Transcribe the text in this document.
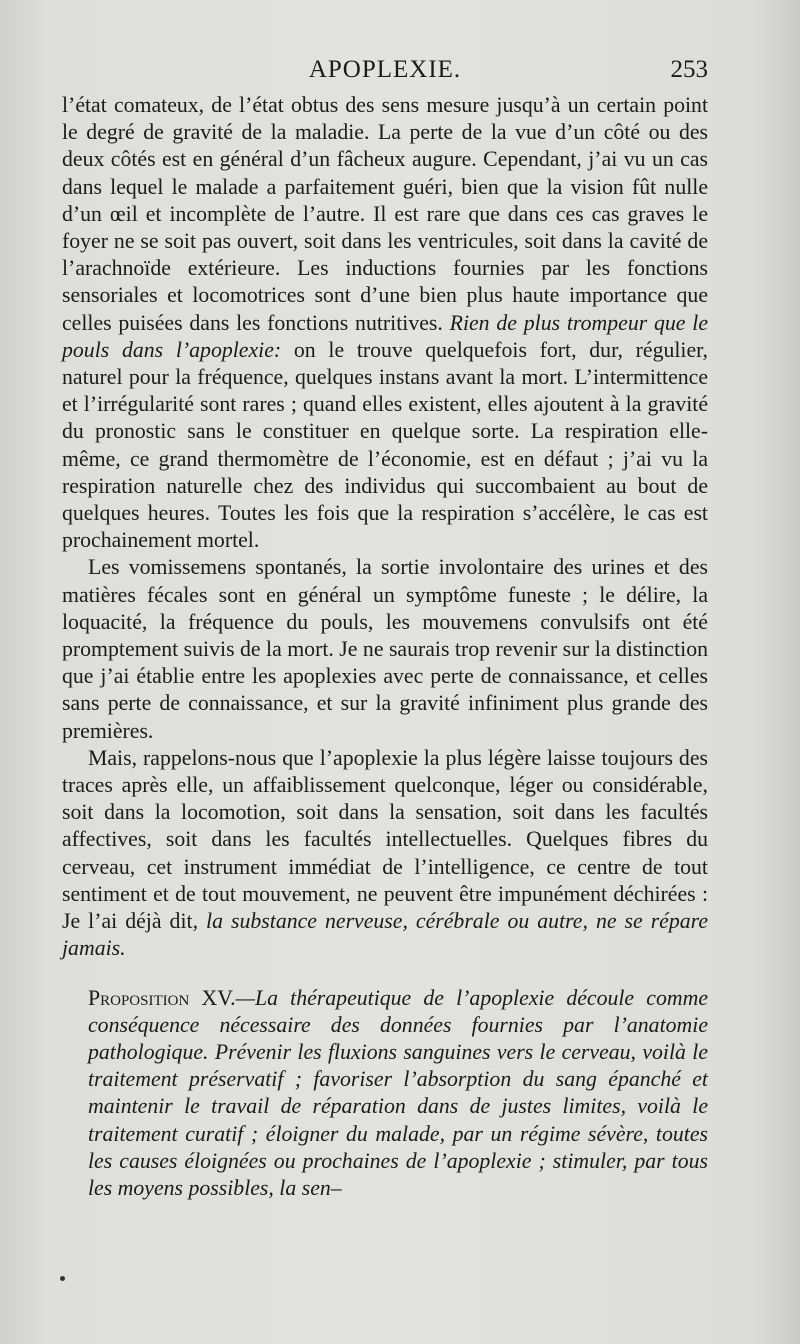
APOPLEXIE.	253

l’état comateux, de l’état obtus des sens mesure jusqu’à un certain point le degré de gravité de la maladie. La perte de la vue d’un côté ou des deux côtés est en général d’un fâcheux augure. Cependant, j’ai vu un cas dans lequel le malade a parfaitement guéri, bien que la vision fût nulle d’un œil et incomplète de l’autre. Il est rare que dans ces cas graves le foyer ne se soit pas ouvert, soit dans les ventricules, soit dans la cavité de l’arachnoïde extérieure. Les inductions fournies par les fonctions sensoriales et locomotrices sont d’une bien plus haute importance que celles puisées dans les fonctions nutritives. Rien de plus trompeur que le pouls dans l’apoplexie: on le trouve quelquefois fort, dur, régulier, naturel pour la fréquence, quelques instans avant la mort. L’intermittence et l’irrégularité sont rares ; quand elles existent, elles ajoutent à la gravité du pronostic sans le constituer en quelque sorte. La respiration elle-même, ce grand thermomètre de l’économie, est en défaut ; j’ai vu la respiration naturelle chez des individus qui succombaient au bout de quelques heures. Toutes les fois que la respiration s’accélère, le cas est prochainement mortel.

Les vomissemens spontanés, la sortie involontaire des urines et des matières fécales sont en général un symptôme funeste ; le délire, la loquacité, la fréquence du pouls, les mouvemens convulsifs ont été promptement suivis de la mort. Je ne saurais trop revenir sur la distinction que j’ai établie entre les apoplexies avec perte de connaissance, et celles sans perte de connaissance, et sur la gravité infiniment plus grande des premières.

Mais, rappelons-nous que l’apoplexie la plus légère laisse toujours des traces après elle, un affaiblissement quelconque, léger ou considérable, soit dans la locomotion, soit dans la sensation, soit dans les facultés affectives, soit dans les facultés intellectuelles. Quelques fibres du cerveau, cet instrument immédiat de l’intelligence, ce centre de tout sentiment et de tout mouvement, ne peuvent être impunément déchirées : Je l’ai déjà dit, la substance nerveuse, cérébrale ou autre, ne se répare jamais.

Proposition XV.—La thérapeutique de l’apoplexie découle comme conséquence nécessaire des données fournies par l’anatomie pathologique. Prévenir les fluxions sanguines vers le cerveau, voilà le traitement préservatif ; favoriser l’absorption du sang épanché et maintenir le travail de réparation dans de justes limites, voilà le traitement curatif ; éloigner du malade, par un régime sévère, toutes les causes éloignées ou prochaines de l’apoplexie ; stimuler, par tous les moyens possibles, la sen–
